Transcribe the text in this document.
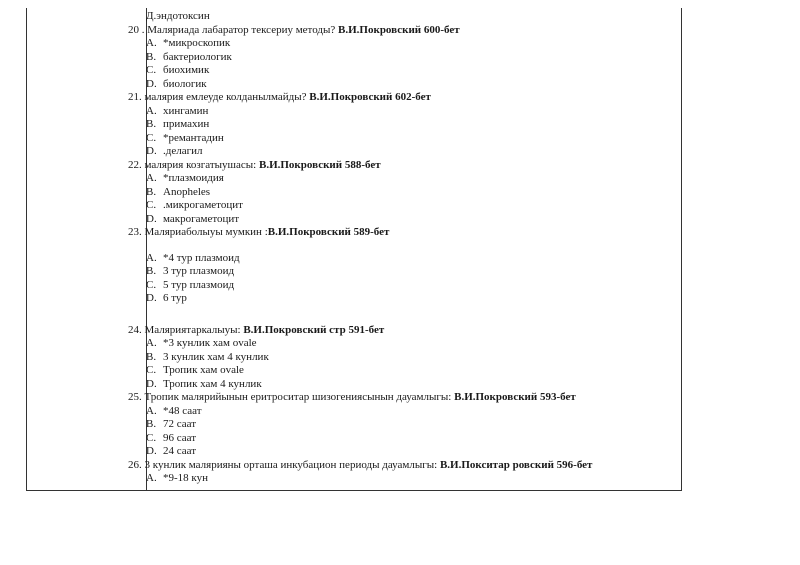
Д.эндотоксин
20 . Маляриада лабаратор тексериу методы? В.И.Покровский 600-бет
A. *микроскопик
B. бактериологик
C. биохимик
D. биологик
21. малярия емлеуде колданылмайды? В.И.Покровский 602-бет
A. хингамин
B. примахин
C. *ремантадин
D. .делагил
22. малярия козгатыушасы: В.И.Покровский 588-бет
A. *плазмоидия
B. Anopheles
C. .микрогаметоцит
D. макрогаметоцит
23. Маляриаболыуы мумкин :В.И.Покровский 589-бет
A. *4 тур плазмоид
B. 3 тур плазмоид
C. 5 тур плазмоид
D. 6 тур
24. Маляриятаркалыуы: В.И.Покровский стр 591-бет
A. *3 кунлик хам ovale
B. 3 кунлик хам 4 кунлик
C. Тропик хам ovale
D. Тропик хам 4 кунлик
25. Тропик малярийынын еритроситар шизогениясынын дауамлыгы: В.И.Покровский 593-бет
A. *48 саат
B. 72 саат
C. 96 саат
D. 24 саат
26. 3 кунлик малярияны орташа инкубацион периоды дауамлыгы: В.И.Покситар ровский 596-бет
A. *9-18 кун
